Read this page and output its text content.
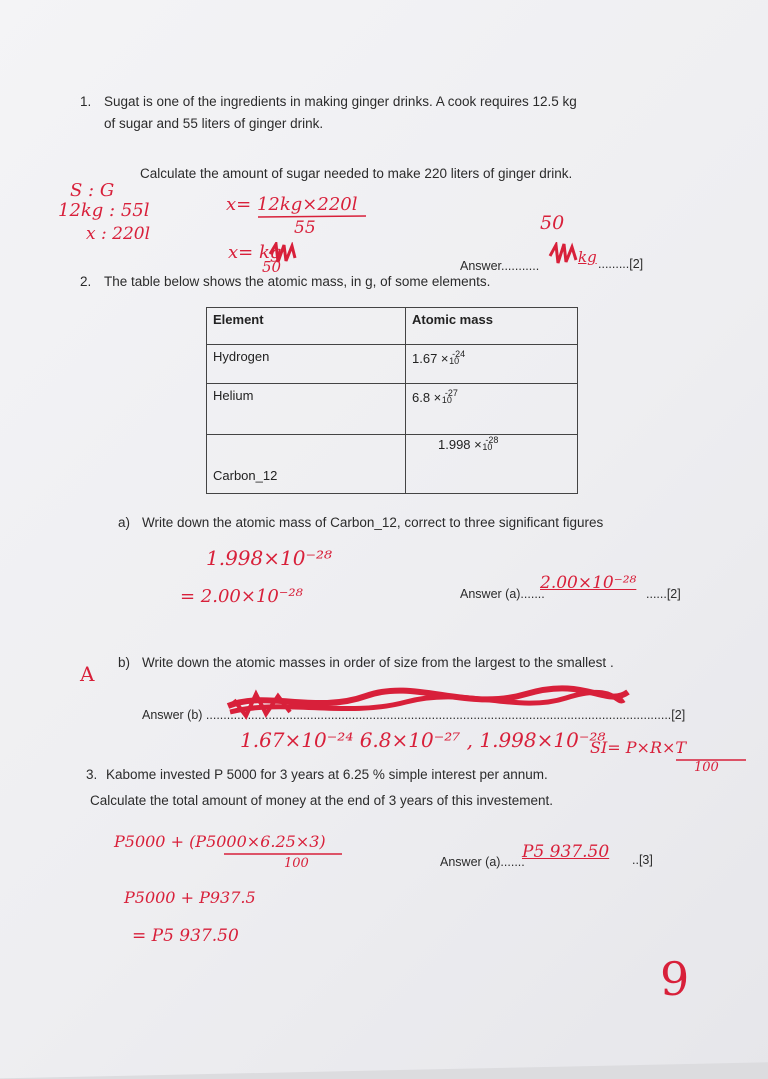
1. Sugat is one of the ingredients in making ginger drinks. A cook requires 12.5 kg
of sugar and 55 liters of ginger drink.
Calculate the amount of sugar needed to make 220 liters of ginger drink.
S : G
12kg : 55l
x : 220l
x= 12kg×220l
55
x= kg
50
50
Answer...........	kg .........[2]
2. The table below shows the atomic mass, in g, of some elements.
Element	Atomic mass
Hydrogen	1.67 × $^{-24}$10
Helium	6.8 × $^{-27}$10
Carbon_12	1.998 × $^{-28}$10
a) Write down the atomic mass of Carbon_12, correct to three significant figures
1.998×10⁻²⁸
= 2.00×10⁻²⁸	Answer (a).......
2.00×10⁻²⁸
......[2]
A b) Write down the atomic masses in order of size from the largest to the smallest .
Answer (b) ......................................................................................................................................[2]
1.67×10⁻²⁴ 6.8×10⁻²⁷ , 1.998×10⁻²⁸
SI= P×R×T
100
3. Kabome invested P 5000 for 3 years at 6.25 % simple interest per annum.
Calculate the total amount of money at the end of 3 years of this investement.
P5000 + (P5000×6.25×3)
100	Answer (a).......
P5 937.50 ..[3]
P5000 + P937.5
= P5 937.50
9
